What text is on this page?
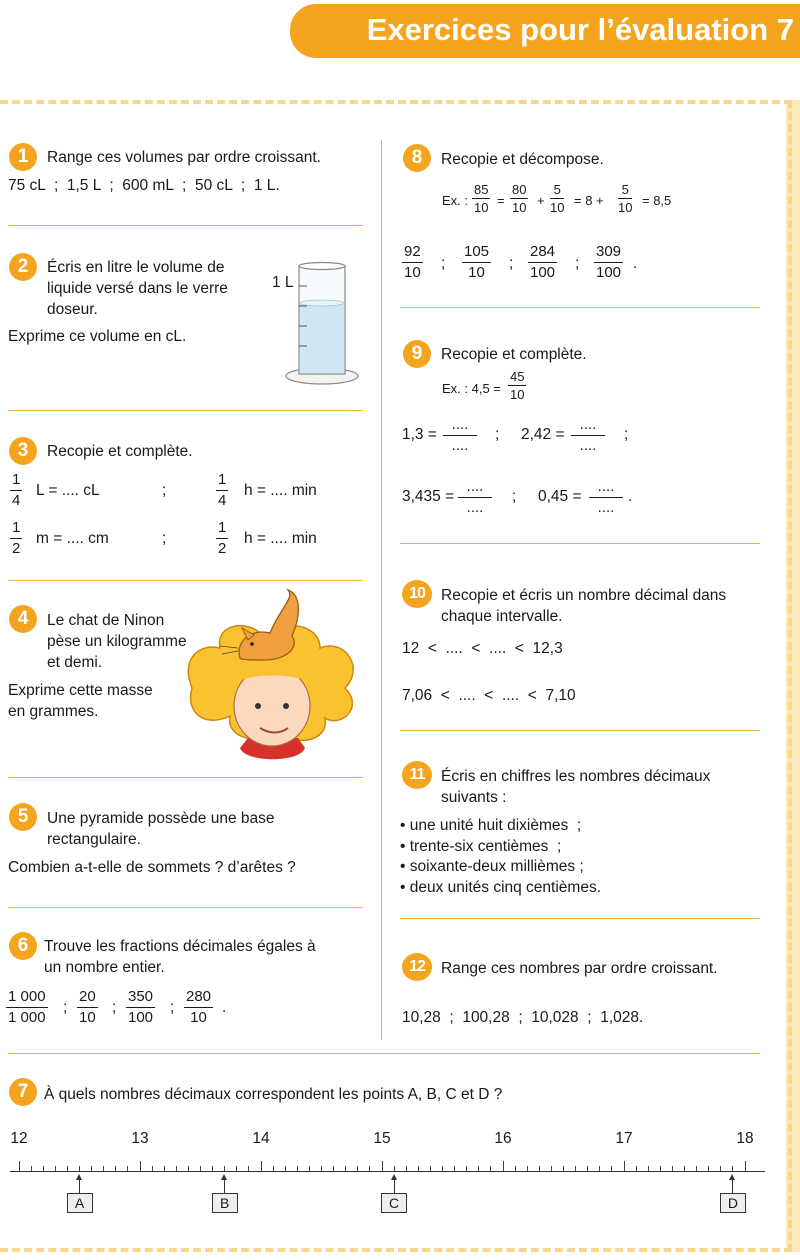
Exercices pour l’évaluation 7
1	Range ces volumes par ordre croissant.
75 cL  ;  1,5 L  ;  600 mL  ;  50 cL  ;  1 L.
2	Écris en litre le volume de
liquide versé dans le verre
doseur.
Exprime ce volume en cL.
1 L
3	Recopie et complète.
$\frac{1}{4}$ L = .... cL	;	$\frac{1}{4}$ h = .... min
$\frac{1}{2}$ m = .... cm	;	$\frac{1}{2}$ h = .... min
4	Le chat de Ninon
pèse un kilogramme
et demi.
Exprime cette masse
en grammes.
5	Une pyramide possède une base
rectangulaire.
Combien a-t-elle de sommets ? d’arêtes ?
6	Trouve les fractions décimales égales à
un nombre entier.
$\frac{1 000}{1 000}$ ; $\frac{20}{10}$ ; $\frac{350}{100}$ ; $\frac{280}{10}$ .
8	Recopie et décompose.
Ex. : $\frac{85}{10} = \frac{80}{10} + \frac{5}{10} = 8 + \frac{5}{10} = 8,5$
$\frac{92}{10}$ ; $\frac{105}{10}$ ; $\frac{284}{100}$ ; $\frac{309}{100}$ .
9	Recopie et complète.
Ex. : $4,5 = \frac{45}{10}$
1,3 =
....
....
; 2,42 =
....
....
;
3,435 =
....
....
; 0,45 =
....
....
.
10	Recopie et écris un nombre décimal dans
chaque intervalle.
12  <  ....  <  ....  <  12,3
7,06  <  ....  <  ....  <  7,10
11	Écris en chiffres les nombres décimaux
suivants :
• une unité huit dixièmes  ;
• trente-six centièmes  ;
• soixante-deux millièmes ;
• deux unités cinq centièmes.
12	Range ces nombres par ordre croissant.
10,28  ;  100,28  ;  10,028  ;  1,028.
7	À quels nombres décimaux correspondent les points A, B, C et D ?
12	13	14	15	16	17	18
A	B	C	D
